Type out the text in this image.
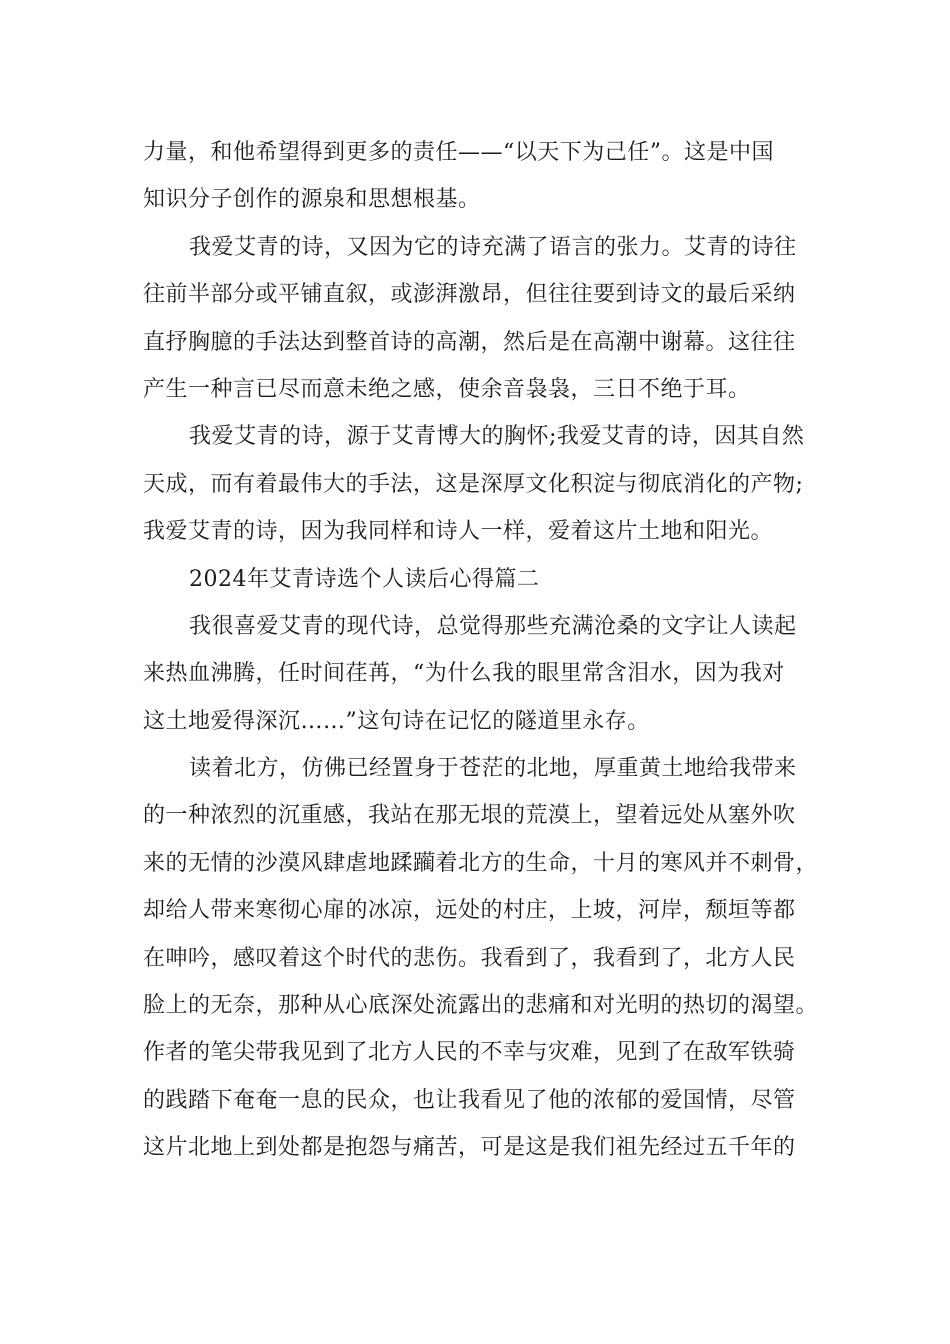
力量，和他希望得到更多的责任——“以天下为己任”。这是中国
知识分子创作的源泉和思想根基。
我爱艾青的诗，又因为它的诗充满了语言的张力。艾青的诗往
往前半部分或平铺直叙，或澎湃激昂，但往往要到诗文的最后采纳
直抒胸臆的手法达到整首诗的高潮，然后是在高潮中谢幕。这往往
产生一种言已尽而意未绝之感，使余音袅袅，三日不绝于耳。
我爱艾青的诗，源于艾青博大的胸怀;我爱艾青的诗，因其自然
天成，而有着最伟大的手法，这是深厚文化积淀与彻底消化的产物;
我爱艾青的诗，因为我同样和诗人一样，爱着这片土地和阳光。
2024年艾青诗选个人读后心得篇二
我很喜爱艾青的现代诗，总觉得那些充满沧桑的文字让人读起
来热血沸腾，任时间荏苒，“为什么我的眼里常含泪水，因为我对
这土地爱得深沉……”这句诗在记忆的隧道里永存。
读着北方，仿佛已经置身于苍茫的北地，厚重黄土地给我带来
的一种浓烈的沉重感，我站在那无垠的荒漠上，望着远处从塞外吹
来的无情的沙漠风肆虐地蹂躏着北方的生命，十月的寒风并不刺骨，
却给人带来寒彻心扉的冰凉，远处的村庄，上坡，河岸，颓垣等都
在呻吟，感叹着这个时代的悲伤。我看到了，我看到了，北方人民
脸上的无奈，那种从心底深处流露出的悲痛和对光明的热切的渴望。
作者的笔尖带我见到了北方人民的不幸与灾难，见到了在敌军铁骑
的践踏下奄奄一息的民众，也让我看见了他的浓郁的爱国情，尽管
这片北地上到处都是抱怨与痛苦，可是这是我们祖先经过五千年的
